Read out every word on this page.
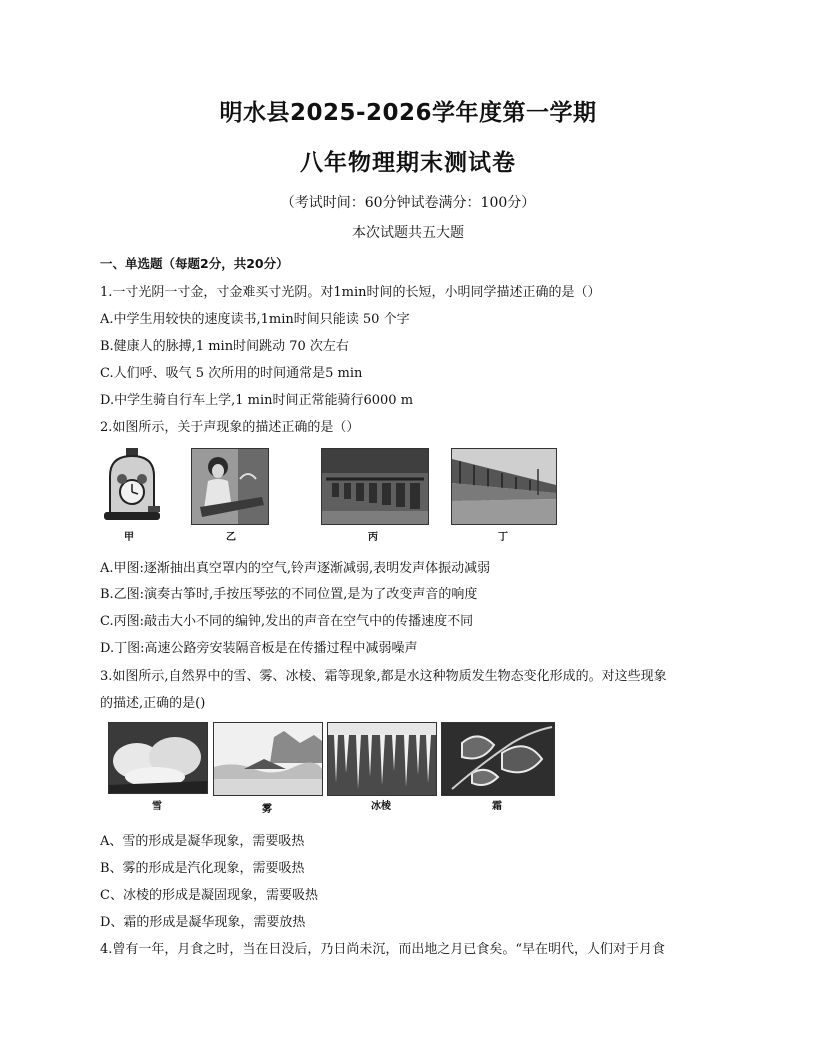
明水县2025-2026学年度第一学期
八年物理期末测试卷
（考试时间：60分钟试卷满分：100分）
本次试题共五大题
一、单选题（每题2分，共20分）
1.一寸光阴一寸金，寸金难买寸光阴。对1min时间的长短，小明同学描述正确的是（）
A.中学生用较快的速度读书,1min时间只能读 50 个字
B.健康人的脉搏,1 min时间跳动 70 次左右
C.人们呼、吸气 5 次所用的时间通常是5 min
D.中学生骑自行车上学,1 min时间正常能骑行6000 m
2.如图所示，关于声现象的描述正确的是（）
甲	乙	丙	丁
A.甲图:逐渐抽出真空罩内的空气,铃声逐渐减弱,表明发声体振动减弱
B.乙图:演奏古筝时,手按压琴弦的不同位置,是为了改变声音的响度
C.丙图:敲击大小不同的编钟,发出的声音在空气中的传播速度不同
D.丁图:高速公路旁安装隔音板是在传播过程中减弱噪声
3.如图所示,自然界中的雪、雾、冰棱、霜等现象,都是水这种物质发生物态变化形成的。对这些现象
的描述,正确的是()
雪	雾	冰棱	霜
A、雪的形成是凝华现象，需要吸热
B、雾的形成是汽化现象，需要吸热
C、冰棱的形成是凝固现象，需要吸热
D、霜的形成是凝华现象，需要放热
4.曾有一年，月食之时，当在日没后，乃日尚未沉，而出地之月已食矣。“早在明代，人们对于月食
